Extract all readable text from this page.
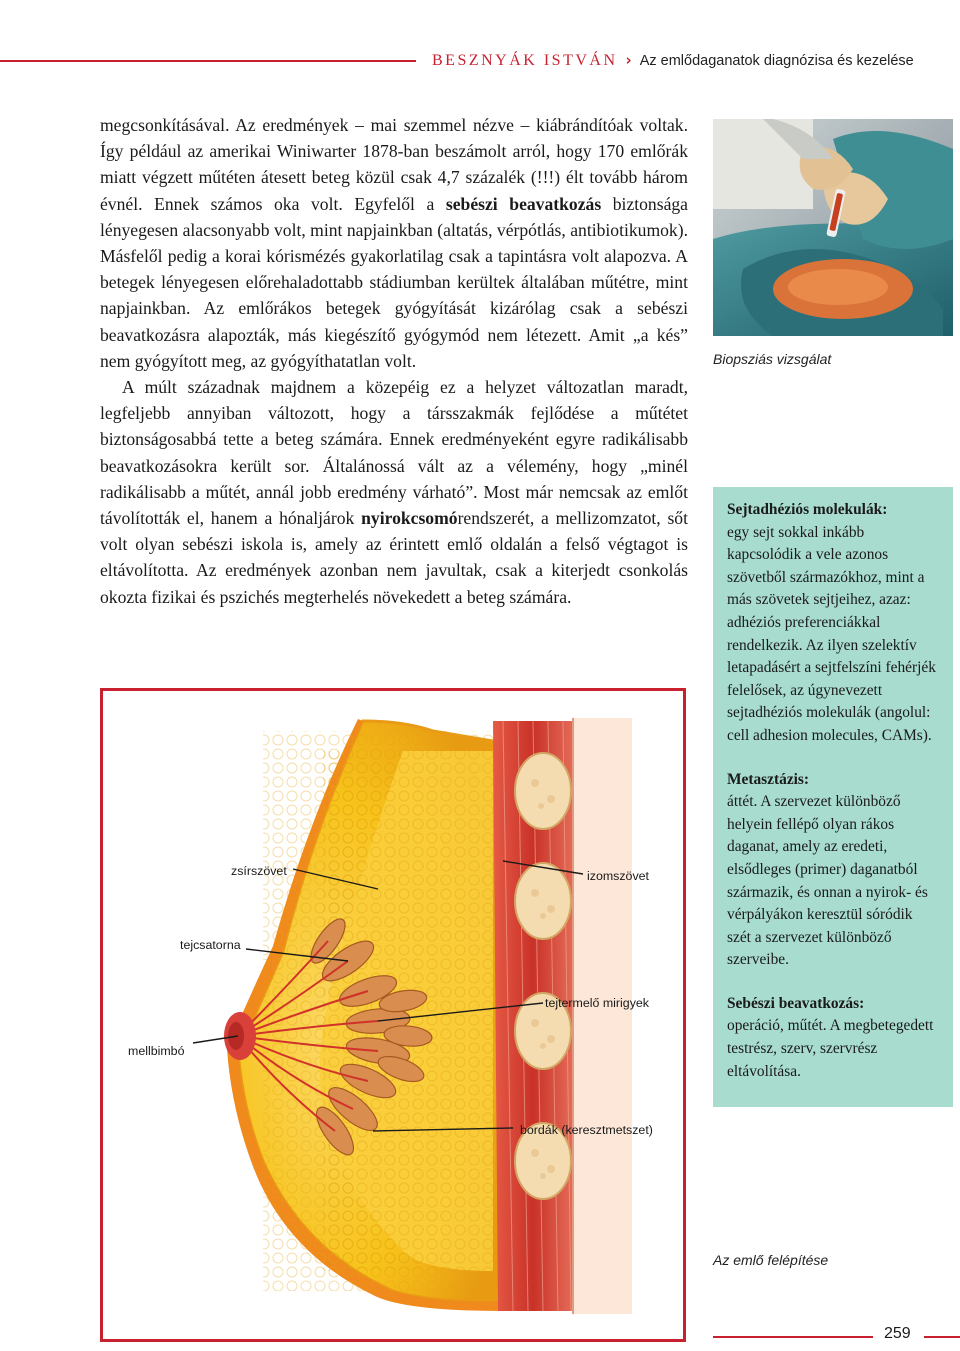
BESZNYÁK ISTVÁN › Az emlődaganatok diagnózisa és kezelése

megcsonkításával. Az eredmények – mai szemmel nézve – kiábrándítóak voltak. Így például az amerikai Winiwarter 1878-ban beszámolt arról, hogy 170 emlőrák miatt végzett műtéten átesett beteg közül csak 4,7 százalék (!!!) élt tovább három évnél. Ennek számos oka volt. Egyfelől a sebészi beavatkozás biztonsága lényegesen alacsonyabb volt, mint napjainkban (altatás, vérpótlás, antibiotikumok). Másfelől pedig a korai kórismézés gyakorlatilag csak a tapintásra volt alapozva. A betegek lényegesen előrehaladottabb stádiumban kerültek általában műtétre, mint napjainkban. Az emlőrákos betegek gyógyítását kizárólag csak a sebészi beavatkozásra alapozták, más kiegészítő gyógymód nem létezett. Amit „a kés” nem gyógyított meg, az gyógyíthatatlan volt.

A múlt századnak majdnem a közepéig ez a helyzet változatlan maradt, legfeljebb annyiban változott, hogy a társszakmák fejlődése a műtétet biztonságosabbá tette a beteg számára. Ennek eredményeként egyre radikálisabb beavatkozásokra került sor. Általánossá vált az a vélemény, hogy „minél radikálisabb a műtét, annál jobb eredmény várható”. Most már nemcsak az emlőt távolították el, hanem a hónaljárok nyirokcsomórendszerét, a mellizomzatot, sőt volt olyan sebészi iskola is, amely az érintett emlő oldalán a felső végtagot is eltávolította. Az eredmények azonban nem javultak, csak a kiterjedt csonkolás okozta fizikai és pszichés megterhelés növekedett a beteg számára.

Biopsziás vizsgálat
Sejtadhéziós molekulák:
egy sejt sokkal inkább kapcsolódik a vele azonos szövetből származókhoz, mint a más szövetek sejtjeihez, azaz: adhéziós preferenciákkal rendelkezik. Az ilyen szelektív letapadásért a sejtfelszíni fehérjék felelősek, az úgynevezett sejtadhéziós molekulák (angolul: cell adhesion molecules, CAMs).
Metasztázis:
áttét. A szervezet különböző helyein fellépő olyan rákos daganat, amely az eredeti, elsődleges (primer) daganatból származik, és onnan a nyirok- és vérpályákon keresztül sóródik szét a szervezet különböző szerveibe.
Sebészi beavatkozás:
operáció, műtét. A megbetegedett testrész, szerv, szervrész eltávolítása.
zsírszövet	izomszövet
tejcsatorna
tejtermelő mirigyek
mellbimbó
bordák (keresztmetszet)
Az emlő felépítése
259
